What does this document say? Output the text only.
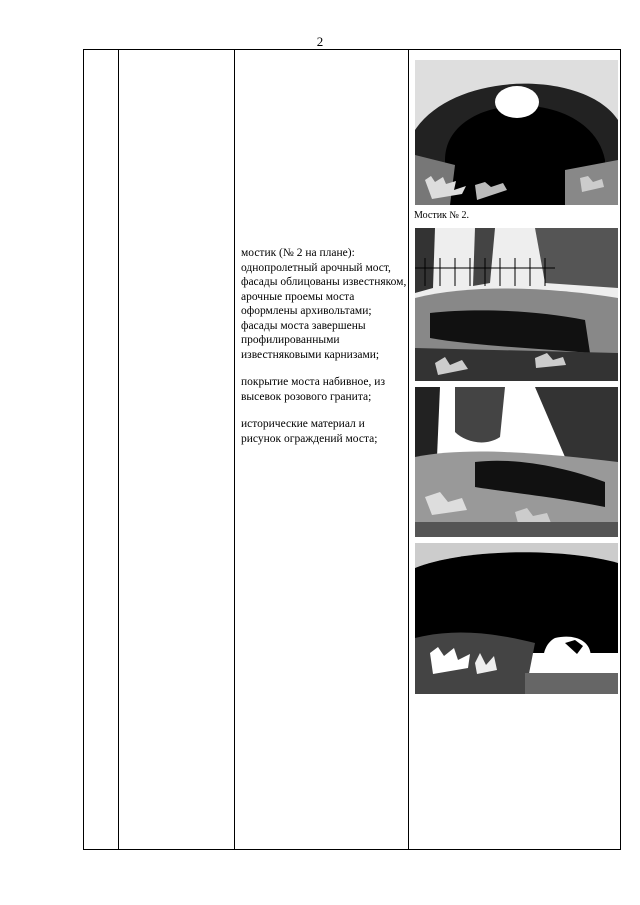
2

мостик (№ 2 на плане): однопролетный арочный мост, фасады облицованы известняком, арочные проемы моста оформлены архивольтами; фасады моста завершены профилированными известняковыми карнизами;

покрытие моста набивное, из высевок розового гранита;

исторические материал и рисунок ограждений моста;

Мостик № 2.
